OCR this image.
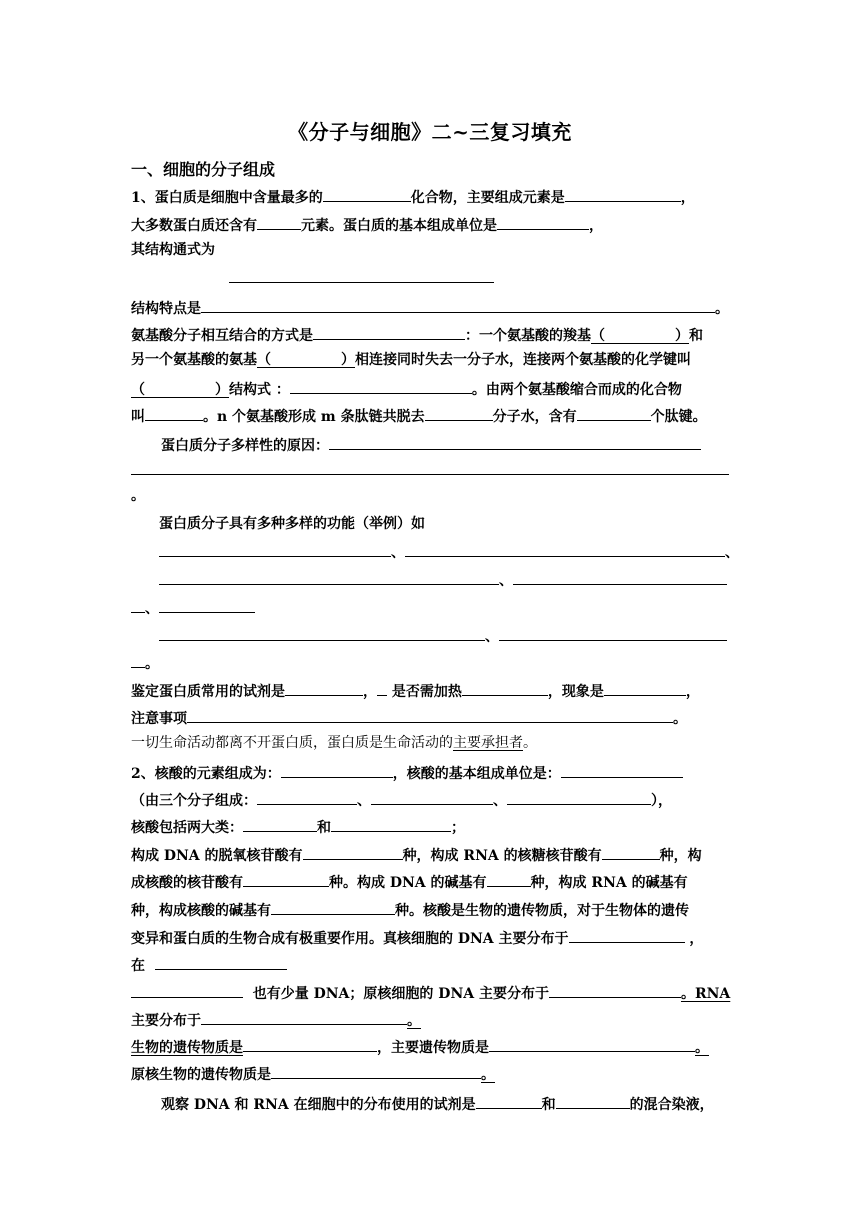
《分子与细胞》二~三复习填充
一、细胞的分子组成
1、蛋白质是细胞中含量最多的	化合物，主要组成元素是	，
大多数蛋白质还含有	元素。蛋白质的基本组成单位是	，
其结构通式为
结构特点是	。
氨基酸分子相互结合的方式是	：一个氨基酸的羧基（　　　　　）和
另一个氨基酸的氨基（　　　　　）相连接同时失去一分子水，连接两个氨基酸的化学键叫
（　　　　　）结构式 ：	。由两个氨基酸缩合而成的化合物
叫	。n 个氨基酸形成 m 条肽链共脱去	分子水，含有	个肽键。
蛋白质分子多样性的原因：
。
蛋白质分子具有多种多样的功能（举例）如
、	、
、
、
、
。
鉴定蛋白质常用的试剂是	， 是否需加热	，现象是	，
注意事项	。
一切生命活动都离不开蛋白质，蛋白质是生命活动的主要承担者。
2、核酸的元素组成为：	，核酸的基本组成单位是：
（由三个分子组成：	、	、	），
核酸包括两大类：	和	；
构成 DNA 的脱氧核苷酸有	种，构成 RNA 的核糖核苷酸有	种，构
成核酸的核苷酸有	种。构成 DNA 的碱基有	种，构成 RNA 的碱基有
种，构成核酸的碱基有	种。核酸是生物的遗传物质，对于生物体的遗传
变异和蛋白质的生物合成有极重要作用。真核细胞的 DNA 主要分布于	，
在
也有少量 DNA；原核细胞的 DNA 主要分布于	。RNA
主要分布于	。
生物的遗传物质是	，主要遗传物质是	。
原核生物的遗传物质是	。
观察 DNA 和 RNA 在细胞中的分布使用的试剂是	和	的混合染液，
